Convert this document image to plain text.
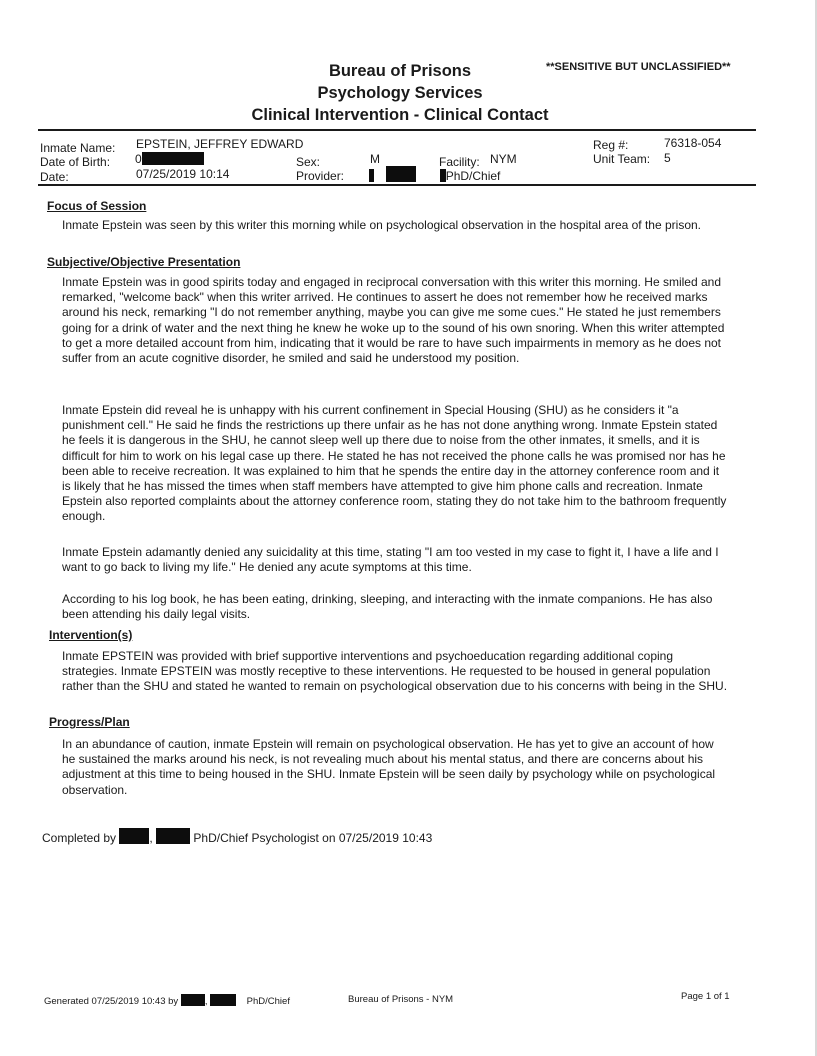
Bureau of Prisons
Psychology Services
Clinical Intervention - Clinical Contact
**SENSITIVE BUT UNCLASSIFIED**
Inmate Name: EPSTEIN, JEFFREY EDWARD
Date of Birth: 0
Date:	07/25/2019 10:14
Sex:	M
Provider:	PhD/Chief
Facility: NYM
Reg #:	76318-054
Unit Team: 5
Focus of Session
Inmate Epstein was seen by this writer this morning while on psychological observation in the hospital area of the prison.
Subjective/Objective Presentation
Inmate Epstein was in good spirits today and engaged in reciprocal conversation with this writer this morning. He smiled and remarked, "welcome back" when this writer arrived. He continues to assert he does not remember how he received marks around his neck, remarking "I do not remember anything, maybe you can give me some cues." He stated he just remembers going for a drink of water and the next thing he knew he woke up to the sound of his own snoring. When this writer attempted to get a more detailed account from him, indicating that it would be rare to have such impairments in memory as he does not suffer from an acute cognitive disorder, he smiled and said he understood my position.
Inmate Epstein did reveal he is unhappy with his current confinement in Special Housing (SHU) as he considers it "a punishment cell." He said he finds the restrictions up there unfair as he has not done anything wrong. Inmate Epstein stated he feels it is dangerous in the SHU, he cannot sleep well up there due to noise from the other inmates, it smells, and it is difficult for him to work on his legal case up there. He stated he has not received the phone calls he was promised nor has he been able to receive recreation. It was explained to him that he spends the entire day in the attorney conference room and it is likely that he has missed the times when staff members have attempted to give him phone calls and recreation. Inmate Epstein also reported complaints about the attorney conference room, stating they do not take him to the bathroom frequently enough.
Inmate Epstein adamantly denied any suicidality at this time, stating "I am too vested in my case to fight it, I have a life and I want to go back to living my life." He denied any acute symptoms at this time.
According to his log book, he has been eating, drinking, sleeping, and interacting with the inmate companions. He has also been attending his daily legal visits.
Intervention(s)
Inmate EPSTEIN was provided with brief supportive interventions and psychoeducation regarding additional coping strategies. Inmate EPSTEIN was mostly receptive to these interventions. He requested to be housed in general population rather than the SHU and stated he wanted to remain on psychological observation due to his concerns with being in the SHU.
Progress/Plan
In an abundance of caution, inmate Epstein will remain on psychological observation. He has yet to give an account of how he sustained the marks around his neck, is not revealing much about his mental status, and there are concerns about his adjustment at this time to being housed in the SHU. Inmate Epstein will be seen daily by psychology while on psychological observation.
Completed by	,	PhD/Chief Psychologist on 07/25/2019 10:43
Generated 07/25/2019 10:43 by	,	PhD/Chief	Bureau of Prisons - NYM	Page 1 of 1
